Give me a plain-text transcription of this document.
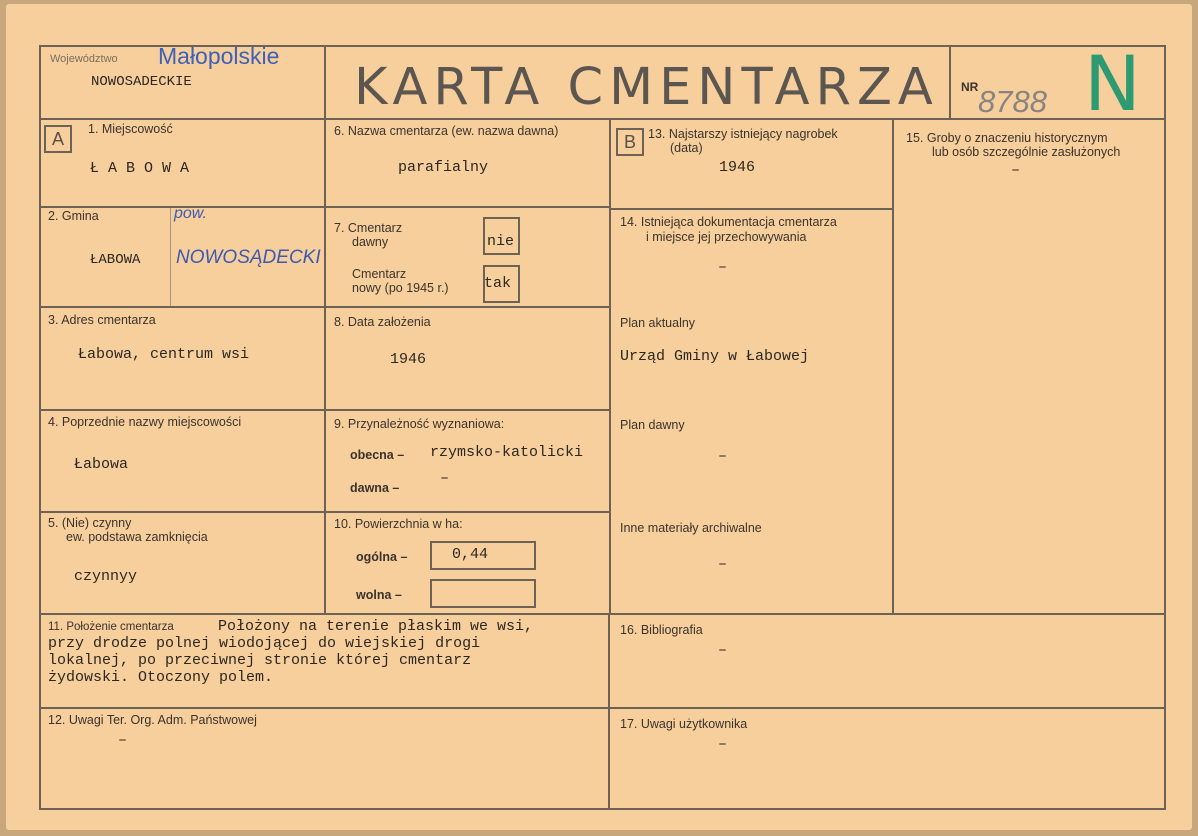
Województwo Małopolskie
NOWOSADECKIE	KARTA CMENTARZA NR 8788 N
A	B
1. Miejscowość
Ł A B O W A
2. Gmina
ŁABOWA
pow.
NOWOSĄDECKI
3. Adres cmentarza
Łabowa, centrum wsi
4. Poprzednie nazwy miejscowości
Łabowa
5. (Nie) czynny
ew. podstawa zamknięcia
czynnyy
6. Nazwa cmentarza (ew. nazwa dawna)
parafialny
7. Cmentarz
dawny	nie
Cmentarz
nowy (po 1945 r.) tak
8. Data założenia
1946
9. Przynależność wyznaniowa:
obecna – rzymsko-katolicki
dawna –
–
10. Powierzchnia w ha:
ogólna –	0,44
wolna –
13. Najstarszy istniejący nagrobek
(data)
1946
14. Istniejąca dokumentacja cmentarza
i miejsce jej przechowywania
–
Plan aktualny
Urząd Gminy w Łabowej
Plan dawny
–
Inne materiały archiwalne
–
15. Groby o znaczeniu historycznym
lub osób szczególnie zasłużonych
–
11. Położenie cmentarza	Położony na terenie płaskim we wsi,
przy drodze polnej wiodojącej do wiejskiej drogi
lokalnej, po przeciwnej stronie której cmentarz
żydowski. Otoczony polem.
16. Bibliografia
–
12. Uwagi Ter. Org. Adm. Państwowej
–
17. Uwagi użytkownika
–
